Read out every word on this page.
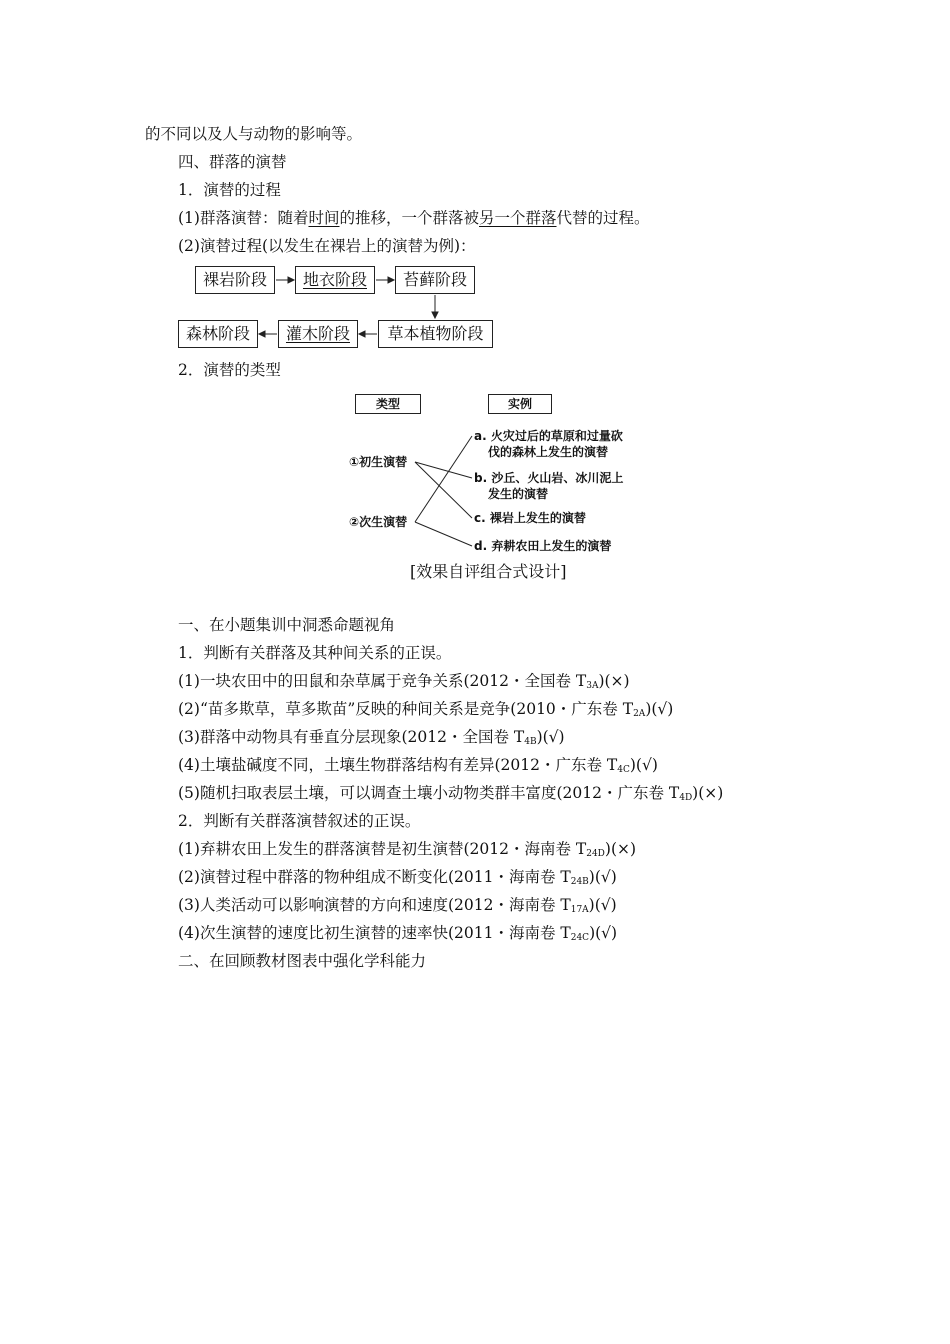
的不同以及人与动物的影响等。
四、群落的演替
1．演替的过程
(1)群落演替：随着时间的推移，一个群落被另一个群落代替的过程。
(2)演替过程(以发生在裸岩上的演替为例)：
裸岩阶段	地衣阶段	苔藓阶段
草本植物阶段
灌木阶段
森林阶段
2．演替的类型
类型	实例
①初生演替
②次生演替
a. 火灾过后的草原和过量砍
伐的森林上发生的演替
b. 沙丘、火山岩、冰川泥上
发生的演替
c. 裸岩上发生的演替
d. 弃耕农田上发生的演替
[效果自评组合式设计]
一、在小题集训中洞悉命题视角
1．判断有关群落及其种间关系的正误。
(1)一块农田中的田鼠和杂草属于竞争关系(2012・全国卷 $T_{3A})(\times)$
(2)“苗多欺草，草多欺苗”反映的种间关系是竞争(2010・广东卷 $T_{2A})(√)$
(3)群落中动物具有垂直分层现象(2012・全国卷 $T_{4B})(√)$
(4)土壤盐碱度不同，土壤生物群落结构有差异(2012・广东卷 $T_{4C})(√)$
(5)随机扫取表层土壤，可以调查土壤小动物类群丰富度(2012・广东卷 $T_{4D})(\times)$
2．判断有关群落演替叙述的正误。
(1)弃耕农田上发生的群落演替是初生演替(2012・海南卷 $T_{24D})(\times)$
(2)演替过程中群落的物种组成不断变化(2011・海南卷 $T_{24B})(√)$
(3)人类活动可以影响演替的方向和速度(2012・海南卷 $T_{17A})(√)$
(4)次生演替的速度比初生演替的速率快(2011・海南卷 $T_{24C})(√)$
二、在回顾教材图表中强化学科能力
